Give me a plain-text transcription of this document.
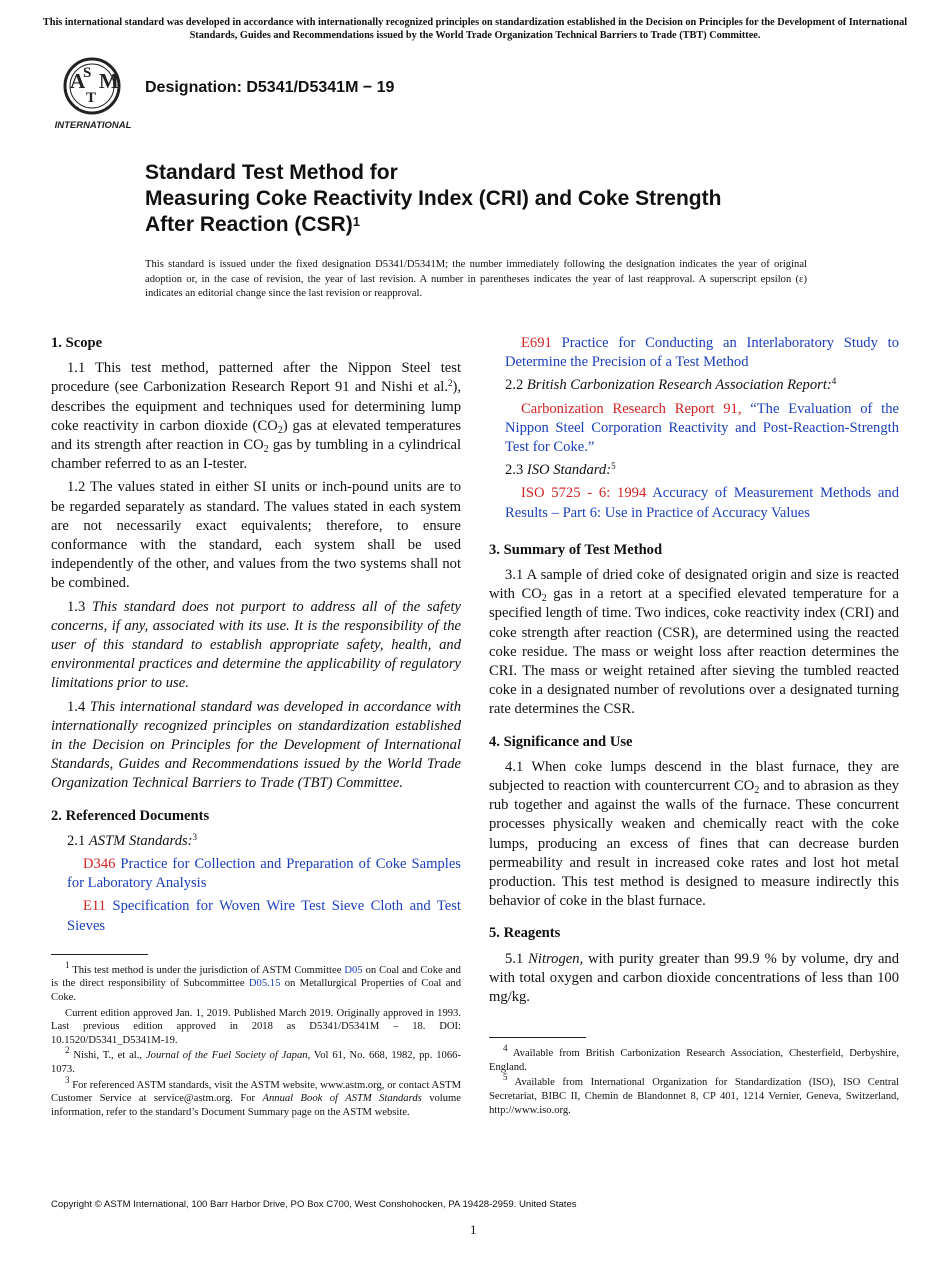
This international standard was developed in accordance with internationally recognized principles on standardization established in the Decision on Principles for the Development of International Standards, Guides and Recommendations issued by the World Trade Organization Technical Barriers to Trade (TBT) Committee.
A
S
T
M
INTERNATIONAL
Designation: D5341/D5341M − 19
Standard Test Method for
Measuring Coke Reactivity Index (CRI) and Coke Strength
After Reaction (CSR)$^1$
This standard is issued under the fixed designation D5341/D5341M; the number immediately following the designation indicates the year of original adoption or, in the case of revision, the year of last revision. A number in parentheses indicates the year of last reapproval. A superscript epsilon (ε) indicates an editorial change since the last revision or reapproval.
1. Scope

1.1 This test method, patterned after the Nippon Steel test procedure (see Carbonization Research Report 91 and Nishi et al.$^2$), describes the equipment and techniques used for determining lump coke reactivity in carbon dioxide $(CO_2)$ gas at elevated temperatures and its strength after reaction in $CO_2$ gas by tumbling in a cylindrical chamber referred to as an I-tester.

1.2 The values stated in either SI units or inch-pound units are to be regarded separately as standard. The values stated in each system are not necessarily exact equivalents; therefore, to ensure conformance with the standard, each system shall be used independently of the other, and values from the two systems shall not be combined.

1.3 This standard does not purport to address all of the safety concerns, if any, associated with its use. It is the responsibility of the user of this standard to establish appropriate safety, health, and environmental practices and determine the applicability of regulatory limitations prior to use.

1.4 This international standard was developed in accordance with internationally recognized principles on standardization established in the Decision on Principles for the Development of International Standards, Guides and Recommendations issued by the World Trade Organization Technical Barriers to Trade (TBT) Committee.

2. Referenced Documents

2.1 ASTM Standards:$^3$

D346 Practice for Collection and Preparation of Coke Samples for Laboratory Analysis

E11 Specification for Woven Wire Test Sieve Cloth and Test Sieves

$^1$ This test method is under the jurisdiction of ASTM Committee D05 on Coal and Coke and is the direct responsibility of Subcommittee D05.15 on Metallurgical Properties of Coal and Coke.
Current edition approved Jan. 1, 2019. Published March 2019. Originally approved in 1993. Last previous edition approved in 2018 as D5341/D5341M – 18. DOI: 10.1520/D5341_D5341M-19.
$^2$ Nishi, T., et al., Journal of the Fuel Society of Japan, Vol 61, No. 668, 1982, pp. 1066-1073.
$^3$ For referenced ASTM standards, visit the ASTM website, www.astm.org, or contact ASTM Customer Service at service@astm.org. For Annual Book of ASTM Standards volume information, refer to the standard’s Document Summary page on the ASTM website.

E691 Practice for Conducting an Interlaboratory Study to Determine the Precision of a Test Method

2.2 British Carbonization Research Association Report:$^4$

Carbonization Research Report 91, “The Evaluation of the Nippon Steel Corporation Reactivity and Post-Reaction-Strength Test for Coke.”

2.3 ISO Standard:$^5$

ISO 5725 - 6: 1994 Accuracy of Measurement Methods and Results – Part 6: Use in Practice of Accuracy Values

3. Summary of Test Method

3.1 A sample of dried coke of designated origin and size is reacted with $CO_2$ gas in a retort at a specified elevated temperature for a specified length of time. Two indices, coke reactivity index (CRI) and coke strength after reaction (CSR), are determined using the reacted coke residue. The mass or weight loss after reaction determines the CRI. The mass or weight retained after sieving the tumbled reacted coke in a designated number of revolutions over a designated turning rate determines the CSR.

4. Significance and Use

4.1 When coke lumps descend in the blast furnace, they are subjected to reaction with countercurrent $CO_2$ and to abrasion as they rub together and against the walls of the furnace. These concurrent processes physically weaken and chemically react with the coke lumps, producing an excess of fines that can decrease burden permeability and result in increased coke rates and lost hot metal production. This test method is designed to measure indirectly this behavior of coke in the blast furnace.

5. Reagents

5.1 Nitrogen, with purity greater than 99.9 % by volume, dry and with total oxygen and carbon dioxide concentrations of less than 100 mg/kg.

$^4$ Available from British Carbonization Research Association, Chesterfield, Derbyshire, England.
$^5$ Available from International Organization for Standardization (ISO), ISO Central Secretariat, BIBC II, Chemin de Blandonnet 8, CP 401, 1214 Vernier, Geneva, Switzerland, http://www.iso.org.
Copyright © ASTM International, 100 Barr Harbor Drive, PO Box C700, West Conshohocken, PA 19428-2959. United States
1
